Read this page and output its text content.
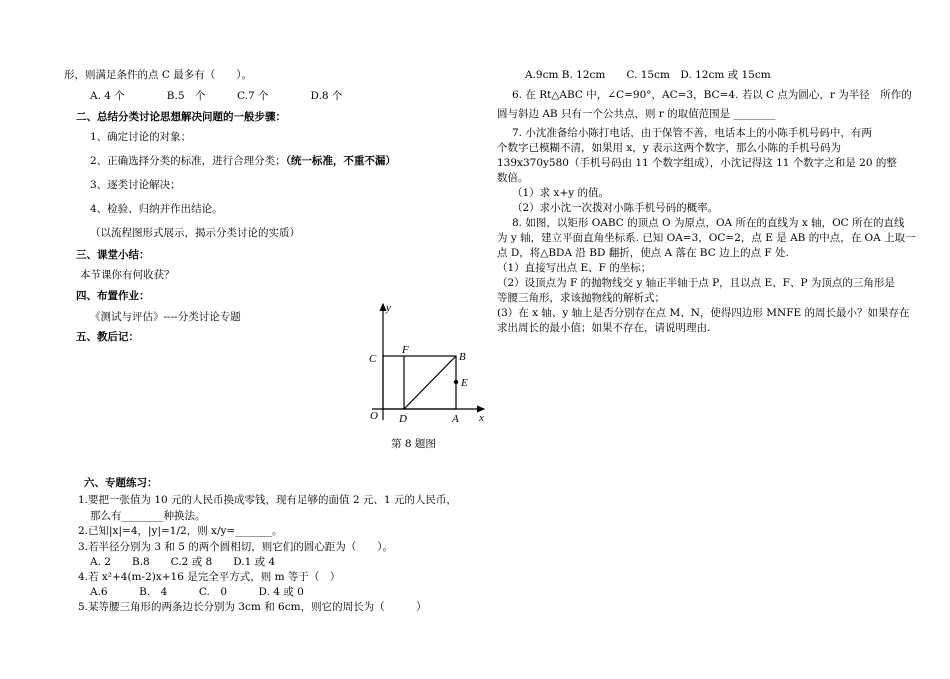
形，则满足条件的点 C 最多有（　　）。
A. 4 个　　　　B.5　个　　　C.7 个　　　　D.8 个
二、总结分类讨论思想解决问题的一般步骤：
1、确定讨论的对象；
2、正确选择分类的标准，进行合理分类；（统一标准，不重不漏）
3、逐类讨论解决；
4、检验、归纳并作出结论。
（以流程图形式展示，揭示分类讨论的实质）
三、课堂小结：
本节课你有何收获？
四、布置作业：
《测试与评估》----分类讨论专题
五、教后记：
y
x
C
F
B
E
O D	A
第 8 题图
六、专题练习：
1.要把一张值为 10 元的人民币换成零钱，现有足够的面值 2 元、1 元的人民币，
那么有________种换法。
2.已知|x|=4，|y|=1/2，则 x/y=_______。
3.若半径分别为 3 和 5 的两个圆相切，则它们的圆心距为（　　）。
A. 2　　B.8　　C.2 或 8　　D.1 或 4
4.若 x²+4(m-2)x+16 是完全平方式，则 m 等于（　）
A.6　　　B.　4　　　C.　0　　　D. 4 或 0
5.某等腰三角形的两条边长分别为 3cm 和 6cm，则它的周长为（　　　）
A.9cm B. 12cm　　C. 15cm　D. 12cm 或 15cm
6. 在 Rt△ABC 中，∠C=90°，AC=3，BC=4. 若以 C 点为圆心，r 为半径　所作的
圆与斜边 AB 只有一个公共点，则 r 的取值范围是 ________
7. 小沈准备给小陈打电话，由于保管不善，电话本上的小陈手机号码中，有两
个数字已模糊不清，如果用 x，y 表示这两个数字，那么小陈的手机号码为
139x370y580（手机号码由 11 个数字组成），小沈记得这 11 个数字之和是 20 的整
数倍。
（1）求 x+y 的值。
（2）求小沈一次拨对小陈手机号码的概率。
8. 如图，以矩形 OABC 的顶点 O 为原点，OA 所在的直线为 x 轴，OC 所在的直线
为 y 轴，建立平面直角坐标系. 已知 OA=3，OC=2，点 E 是 AB 的中点，在 OA 上取一
点 D，将△BDA 沿 BD 翻折，使点 A 落在 BC 边上的点 F 处.
（1）直接写出点 E、F 的坐标；
（2）设顶点为 F 的抛物线交 y 轴正半轴于点 P，且以点 E、F、P 为顶点的三角形是
等腰三角形，求该抛物线的解析式；
(3）在 x 轴、y 轴上是否分别存在点 M、N，使得四边形 MNFE 的周长最小？如果存在
求出周长的最小值；如果不存在，请说明理由.
